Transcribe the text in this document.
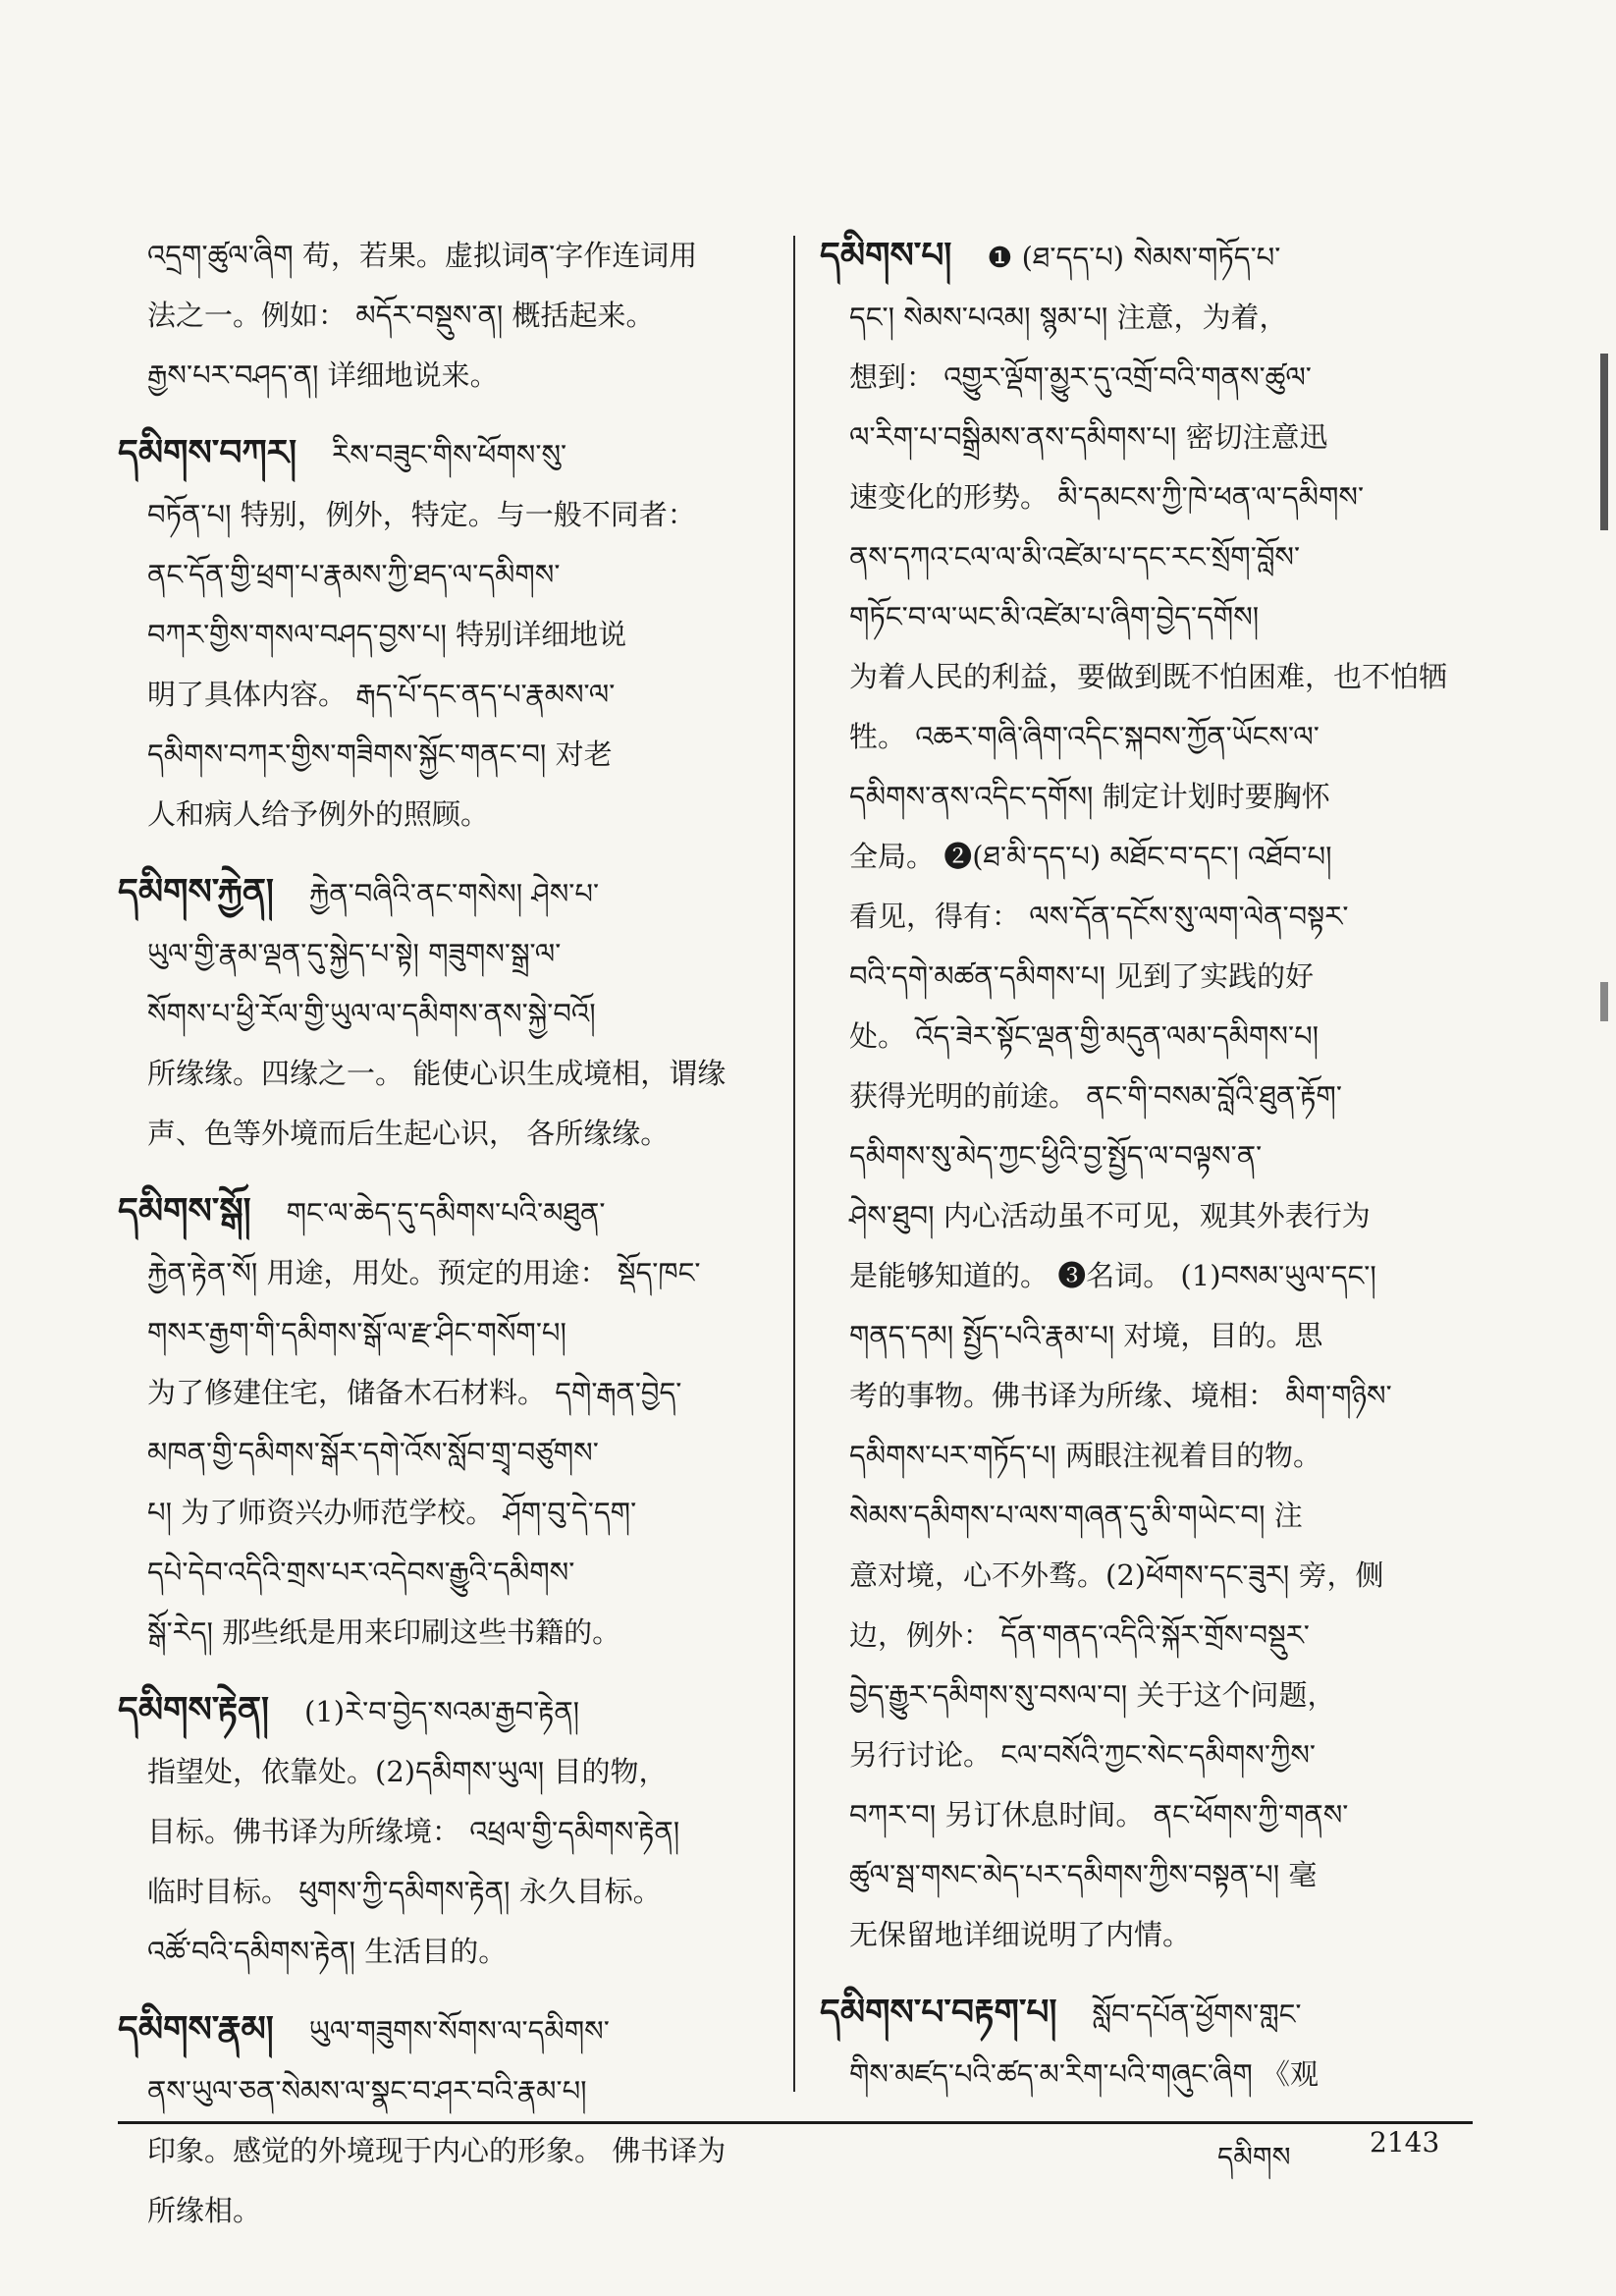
འདྲག་ཚུལ་ཞིག 苟，若果。虚拟词ན་字作连词用
法之一。例如： མདོར་བསྡུས་ན། 概括起来。
རྒྱས་པར་བཤད་ན། 详细地说来。
དམིགས་བཀར། རིས་བཟུང་གིས་ཕོགས་སུ་
བཏོན་པ། 特别，例外，特定。与一般不同者：
ནང་དོན་གྱི་ཕྲག་པ་རྣམས་ཀྱི་ཐད་ལ་དམིགས་
བཀར་གྱིས་གསལ་བཤད་བྱས་པ། 特别详细地说
明了具体内容。 རྒད་པོ་དང་ནད་པ་རྣམས་ལ་
དམིགས་བཀར་གྱིས་གཟིགས་སྐྱོང་གནང་བ། 对老
人和病人给予例外的照顾。
དམིགས་རྐྱེན། རྐྱེན་བཞིའི་ནང་གསེས། ཤེས་པ་
ཡུལ་གྱི་རྣམ་ལྡན་དུ་སྐྱེད་པ་སྟེ། གཟུགས་སྒྲ་ལ་
སོགས་པ་ཕྱི་རོལ་གྱི་ཡུལ་ལ་དམིགས་ནས་སྐྱེ་བའོ།
所缘缘。四缘之一。 能使心识生成境相，谓缘
声、色等外境而后生起心识， 各所缘缘。
དམིགས་སྒོ། གང་ལ་ཆེད་དུ་དམིགས་པའི་མཐུན་
རྐྱེན་རྟེན་སོ། 用途，用处。预定的用途： སྡོད་ཁང་
གསར་རྒྱག་གི་དམིགས་སྒོ་ལ་རྫ་ཤིང་གསོག་པ།
为了修建住宅，储备木石材料。 དགེ་རྒན་བྱེད་
མཁན་གྱི་དམིགས་སྒོར་དགེ་འོས་སློབ་གྲྭ་བཙུགས་
པ། 为了师资兴办师范学校。 ཤོག་བུ་དེ་དག་
དཔེ་དེབ་འདིའི་གྲས་པར་འདེབས་རྒྱུའི་དམིགས་
སྒོ་རེད། 那些纸是用来印刷这些书籍的。
དམིགས་རྟེན། (1)རེ་བ་བྱེད་སའམ་རྒྱབ་རྟེན།
指望处，依靠处。(2)དམིགས་ཡུལ། 目的物，
目标。佛书译为所缘境： འཕྲལ་གྱི་དམིགས་རྟེན།
临时目标。 ཕུགས་ཀྱི་དམིགས་རྟེན། 永久目标。
འཚོ་བའི་དམིགས་རྟེན། 生活目的。
དམིགས་རྣམ། ཡུལ་གཟུགས་སོགས་ལ་དམིགས་
ནས་ཡུལ་ཅན་སེམས་ལ་སྣང་བ་ཤར་བའི་རྣམ་པ།
印象。感觉的外境现于内心的形象。 佛书译为
所缘相。
དམིགས་པ། ❶ (ཐ་དད་པ) སེམས་གཏོད་པ་
དང་། སེམས་པའམ། སྙམ་པ། 注意，为着，
想到： འགྱུར་ལྡོག་མྱུར་དུ་འགྲོ་བའི་གནས་ཚུལ་
ལ་རིག་པ་བསྒྲིམས་ནས་དམིགས་པ། 密切注意迅
速变化的形势。 མི་དམངས་ཀྱི་ཁེ་ཕན་ལ་དམིགས་
ནས་དཀའ་ངལ་ལ་མི་འཛེམ་པ་དང་རང་སྲོག་བློས་
གཏོང་བ་ལ་ཡང་མི་འཛེམ་པ་ཞིག་བྱེད་དགོས།
为着人民的利益，要做到既不怕困难，也不怕牺
牲。 འཆར་གཞི་ཞིག་འདིང་སྐབས་ཀྱོན་ཡོངས་ལ་
དམིགས་ནས་འདིང་དགོས། 制定计划时要胸怀
全局。 ❷(ཐ་མི་དད་པ) མཐོང་བ་དང་། འཐོབ་པ།
看见，得有： ལས་དོན་དངོས་སུ་ལག་ལེན་བསྟར་
བའི་དགེ་མཚན་དམིགས་པ། 见到了实践的好
处。 འོད་ཟེར་སྟོང་ལྡན་གྱི་མདུན་ལམ་དམིགས་པ།
获得光明的前途。 ནང་གི་བསམ་བློའི་ཐུན་རྟོག་
དམིགས་སུ་མེད་ཀྱང་ཕྱིའི་བྱ་སྤྱོད་ལ་བལྟས་ན་
ཤེས་ཐུབ། 内心活动虽不可见，观其外表行为
是能够知道的。 ❸名词。 (1)བསམ་ཡུལ་དང་།
གནད་དམ། སྤྱོད་པའི་རྣམ་པ། 对境，目的。思
考的事物。佛书译为所缘、境相： མིག་གཉིས་
དམིགས་པར་གཏོད་པ། 两眼注视着目的物。
སེམས་དམིགས་པ་ལས་གཞན་དུ་མི་གཡེང་བ། 注
意对境，心不外骛。(2)ཕོགས་དང་ཟུར། 旁，侧
边，例外： དོན་གནད་འདིའི་སྐོར་གྲོས་བསྡུར་
བྱེད་རྒྱུར་དམིགས་སུ་བསལ་བ། 关于这个问题，
另行讨论。 ངལ་བསོའི་ཀྱང་སེང་དམིགས་ཀྱིས་
བཀར་བ། 另订休息时间。 ནང་ཕོགས་ཀྱི་གནས་
ཚུལ་སྦ་གསང་མེད་པར་དམིགས་ཀྱིས་བསྟན་པ། 毫
无保留地详细说明了内情。
དམིགས་པ་བརྟག་པ། སློབ་དཔོན་ཕྱོགས་གླང་
གིས་མཛད་པའི་ཚད་མ་རིག་པའི་གཞུང་ཞིག 《观
དམིགས	2143
